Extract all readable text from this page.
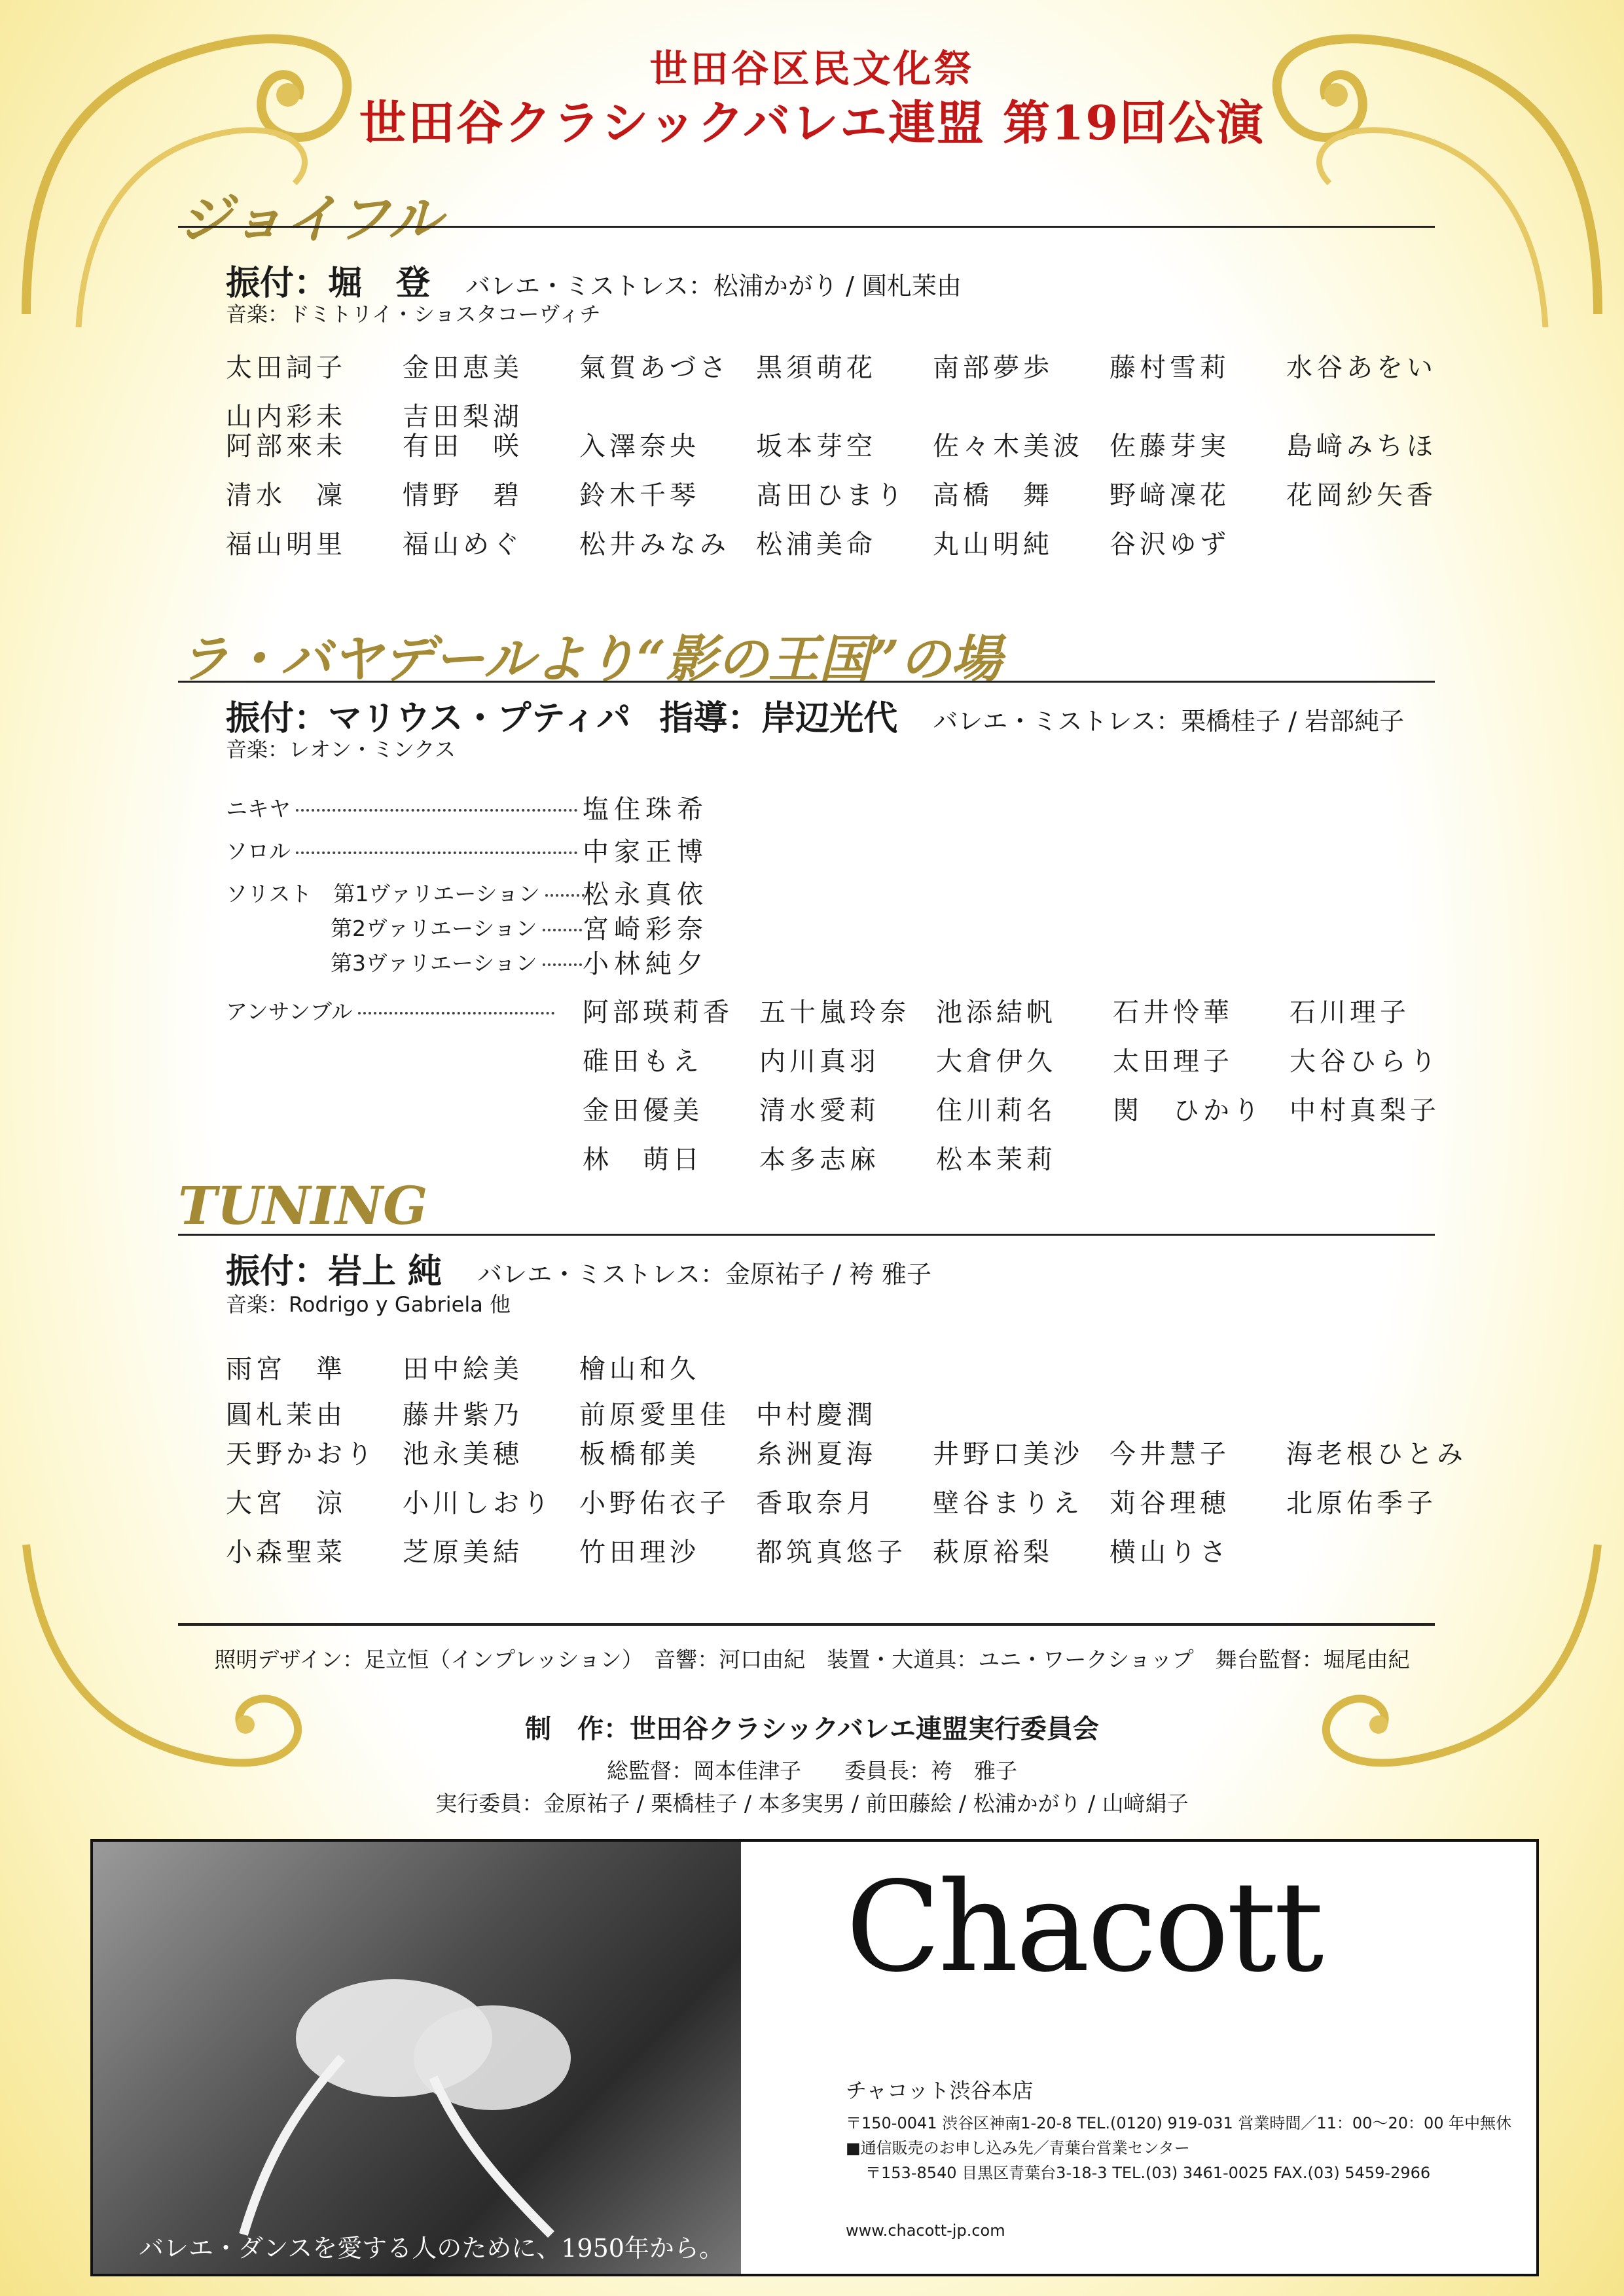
世田谷区民文化祭
世田谷クラシックバレエ連盟 第19回公演
ジョイフル
振付：堀　登 バレエ・ミストレス：松浦かがり / 圓札茉由
音楽：ドミトリイ・ショスタコーヴィチ
太田詞子	金田恵美	氣賀あづさ	黒須萌花	南部夢歩	藤村雪莉	水谷あをい
山内彩未	吉田梨湖
阿部來未	有田　咲	入澤奈央	坂本芽空	佐々木美波	佐藤芽実	島﨑みちほ
清水　凜	情野　碧	鈴木千琴	髙田ひまり	高橋　舞	野﨑凜花	花岡紗矢香
福山明里	福山めぐ	松井みなみ	松浦美命	丸山明純	谷沢ゆず
ラ・バヤデールより“影の王国”の場
振付：マリウス・プティパ 指導：岸辺光代 バレエ・ミストレス：栗橋桂子 / 岩部純子
音楽：レオン・ミンクス
ニキヤ	塩住珠希
ソロル	中家正博
ソリスト　第1ヴァリエーション	松永真依
第2ヴァリエーション	宮崎彩奈
第3ヴァリエーション	小林純夕
アンサンブル	阿部瑛莉香	五十嵐玲奈	池添結帆	石井怜華	石川理子
碓田もえ	内川真羽	大倉伊久	太田理子	大谷ひらり
金田優美	清水愛莉	住川莉名	関　ひかり	中村真梨子
林　萌日	本多志麻	松本茉莉
TUNING
振付：岩上 純 バレエ・ミストレス：金原祐子 / 袴 雅子
音楽：Rodrigo y Gabriela 他
雨宮　準	田中絵美	檜山和久
圓札茉由	藤井紫乃	前原愛里佳	中村慶潤
天野かおり	池永美穂	板橋郁美	糸洲夏海	井野口美沙	今井慧子	海老根ひとみ
大宮　涼	小川しおり	小野佑衣子	香取奈月	壁谷まりえ	苅谷理穂	北原佑季子
小森聖菜	芝原美結	竹田理沙	都筑真悠子	萩原裕梨	横山りさ
照明デザイン：足立恒（インプレッション）　音響：河口由紀　装置・大道具：ユニ・ワークショップ　舞台監督：堀尾由紀
制　作：世田谷クラシックバレエ連盟実行委員会
総監督：岡本佳津子　　委員長：袴　雅子
実行委員：金原祐子 / 栗橋桂子 / 本多実男 / 前田藤絵 / 松浦かがり / 山﨑絹子
バレエ・ダンスを愛する人のために、1950年から。
Chacott
チャコット渋谷本店
〒150-0041 渋谷区神南1-20-8 TEL.(0120) 919-031 営業時間／11：00〜20：00 年中無休
■通信販売のお申し込み先／青葉台営業センター
〒153-8540 目黒区青葉台3-18-3 TEL.(03) 3461-0025 FAX.(03) 5459-2966
www.chacott-jp.com
